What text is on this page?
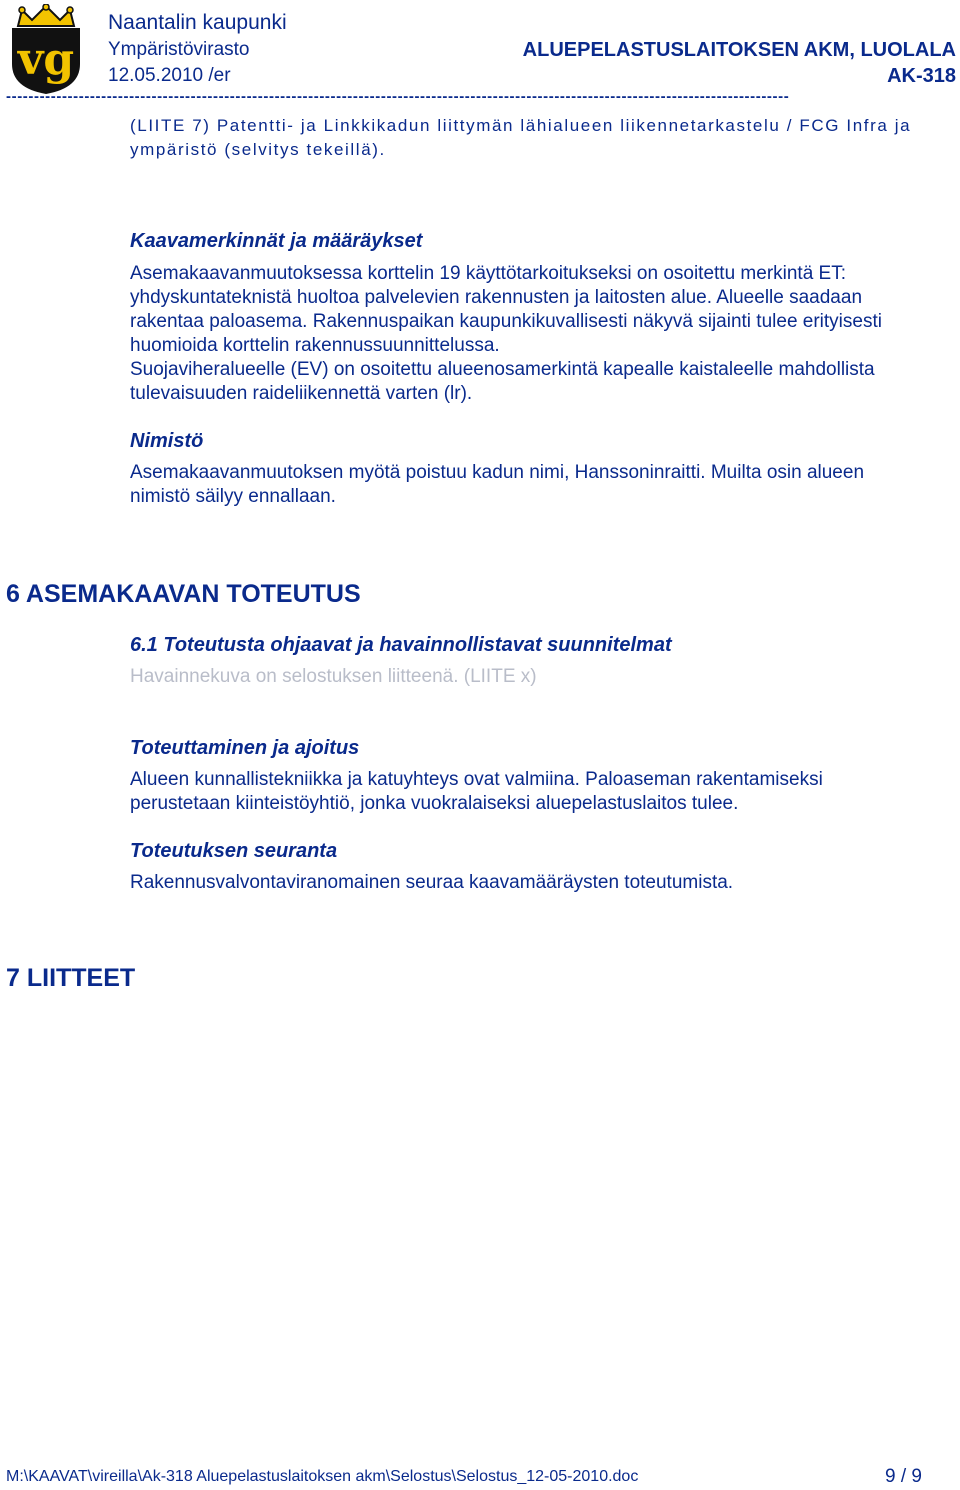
vg

Naantalin kaupunki

Ympäristövirasto

12.05.2010 /er

ALUEPELASTUSLAITOKSEN AKM, LUOLALA

AK-318

--------------------------------------------------------------------------------------------------------------------------------------------

(LIITE 7) Patentti- ja Linkkikadun liittymän lähialueen liikennetarkastelu / FCG Infra ja ympäristö (selvitys tekeillä).

Kaavamerkinnät ja määräykset

Asemakaavanmuutoksessa korttelin 19 käyttötarkoitukseksi on osoitettu merkintä ET:
yhdyskuntateknistä huoltoa palvelevien rakennusten ja laitosten alue. Alueelle saadaan
rakentaa paloasema. Rakennuspaikan kaupunkikuvallisesti näkyvä sijainti tulee erityisesti
huomioida korttelin rakennussuunnittelussa.
Suojaviheralueelle (EV) on osoitettu alueenosamerkintä kapealle kaistaleelle mahdollista
tulevaisuuden raideliikennettä varten (lr).

Nimistö

Asemakaavanmuutoksen myötä poistuu kadun nimi, Hanssoninraitti. Muilta osin alueen
nimistö säilyy ennallaan.

6 ASEMAKAAVAN TOTEUTUS

6.1 Toteutusta ohjaavat ja havainnollistavat suunnitelmat

Havainnekuva on selostuksen liitteenä. (LIITE x)

Toteuttaminen ja ajoitus

Alueen kunnallistekniikka ja katuyhteys ovat valmiina. Paloaseman rakentamiseksi
perustetaan kiinteistöyhtiö, jonka vuokralaiseksi aluepelastuslaitos tulee.

Toteutuksen seuranta

Rakennusvalvontaviranomainen seuraa kaavamääräysten toteutumista.

7 LIITTEET

M:\KAAVAT\vireilla\Ak-318 Aluepelastuslaitoksen akm\Selostus\Selostus_12-05-2010.doc	9 / 9
